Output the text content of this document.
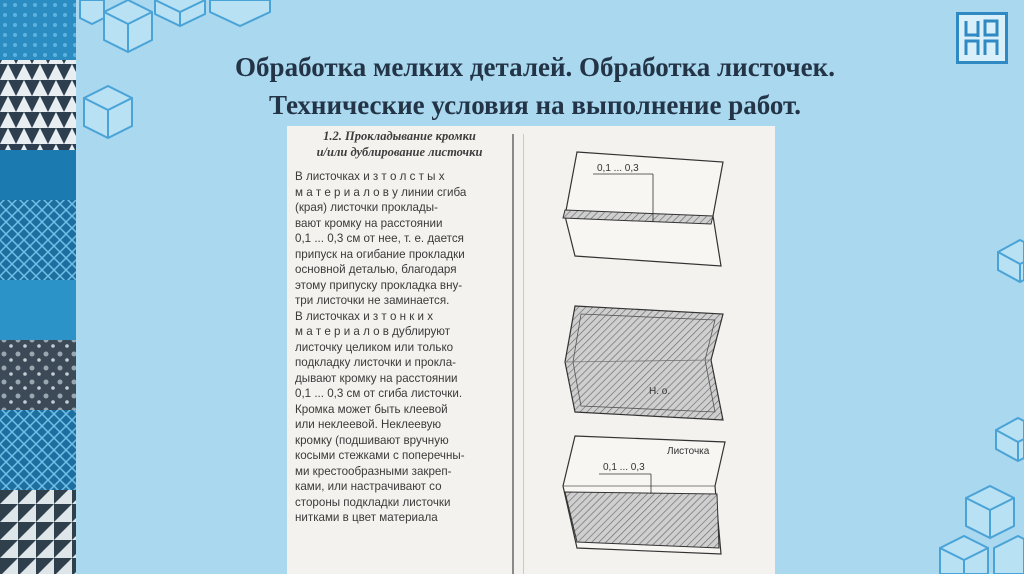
Обработка мелких деталей. Обработка листочек.
Технические условия на выполнение работ.
1.2. Прокладывание кромки
и/или дублирование листочки
В листочках и з т о л с т ы х
м а т е р и а л о в у линии сгиба
(края) листочки проклады-
вают кромку на расстоянии
0,1 ... 0,3 см от нее, т. е. дается
припуск на огибание прокладки
основной деталью, благодаря
этому припуску прокладка вну-
три листочки не заминается.
В листочках и з т о н к и х
м а т е р и а л о в дублируют
листочку целиком или только
подкладку листочки и прокла-
дывают кромку на расстоянии
0,1 ... 0,3 см от сгиба листочки.
Кромка может быть клеевой
или неклеевой. Неклеевую
кромку (подшивают вручную
косыми стежками с поперечны-
ми крестообразными закреп-
ками, или настрачивают со
стороны подкладки листочки
нитками в цвет материала
0,1 ... 0,3
Н. о.
Листочка
0,1 ... 0,3
